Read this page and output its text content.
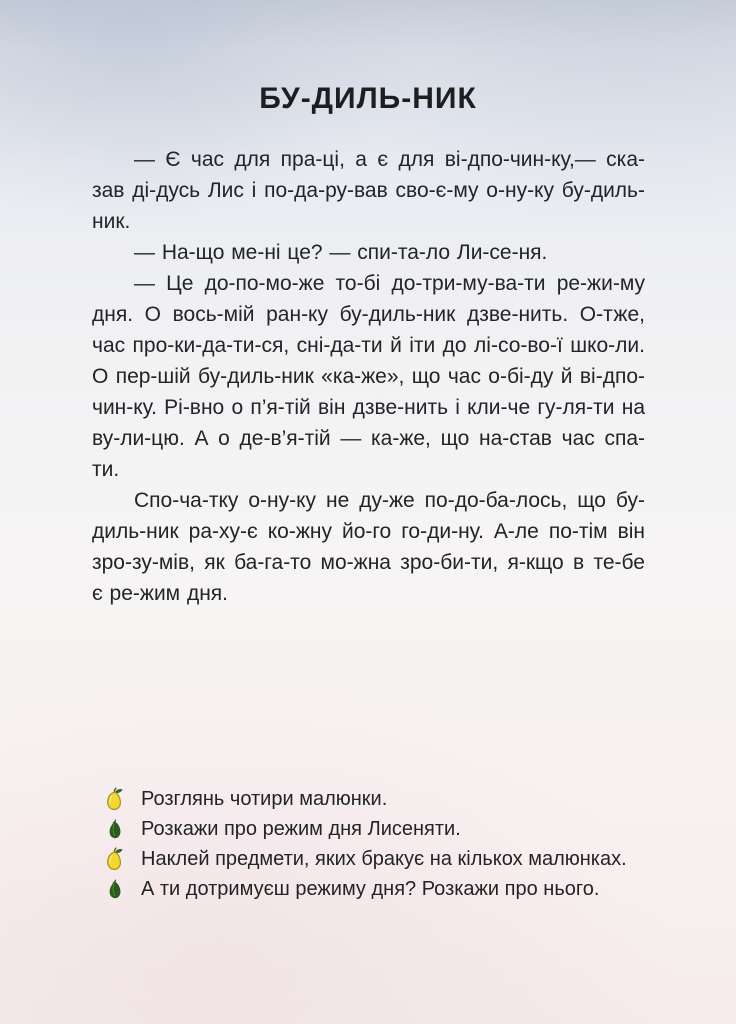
БУ-ДИЛЬ-НИК

— Є час для пра-ці, а є для ві-дпо-чин-ку,— ска-зав ді-дусь Лис і по-да-ру-вав сво-є-му о-ну-ку бу-диль-ник.

— На-що ме-ні це? — спи-та-ло Ли-се-ня.

— Це до-по-мо-же то-бі до-три-му-ва-ти ре-жи-му дня. О вось-мій ран-ку бу-диль-ник дзве-нить. О-тже, час про-ки-да-ти-ся, сні-да-ти й іти до лі-со-во-ї шко-ли. О пер-шій бу-диль-ник «ка-же», що час о-бі-ду й ві-дпо-чин-ку. Рі-вно о п’я-тій він дзве-нить і кли-че гу-ля-ти на ву-ли-цю. А о де-в’я-тій — ка-же, що на-став час спа-ти.

Спо-ча-тку о-ну-ку не ду-же по-до-ба-лось, що бу-диль-ник ра-ху-є ко-жну йо-го го-ди-ну. А-ле по-тім він зро-зу-мів, як ба-га-то мо-жна зро-би-ти, я-кщо в те-бе є ре-жим дня.

Розглянь чотири малюнки.
Розкажи про режим дня Лисеняти.
Наклей предмети, яких бракує на кількох малюнках.
А ти дотримуєш режиму дня? Розкажи про нього.
